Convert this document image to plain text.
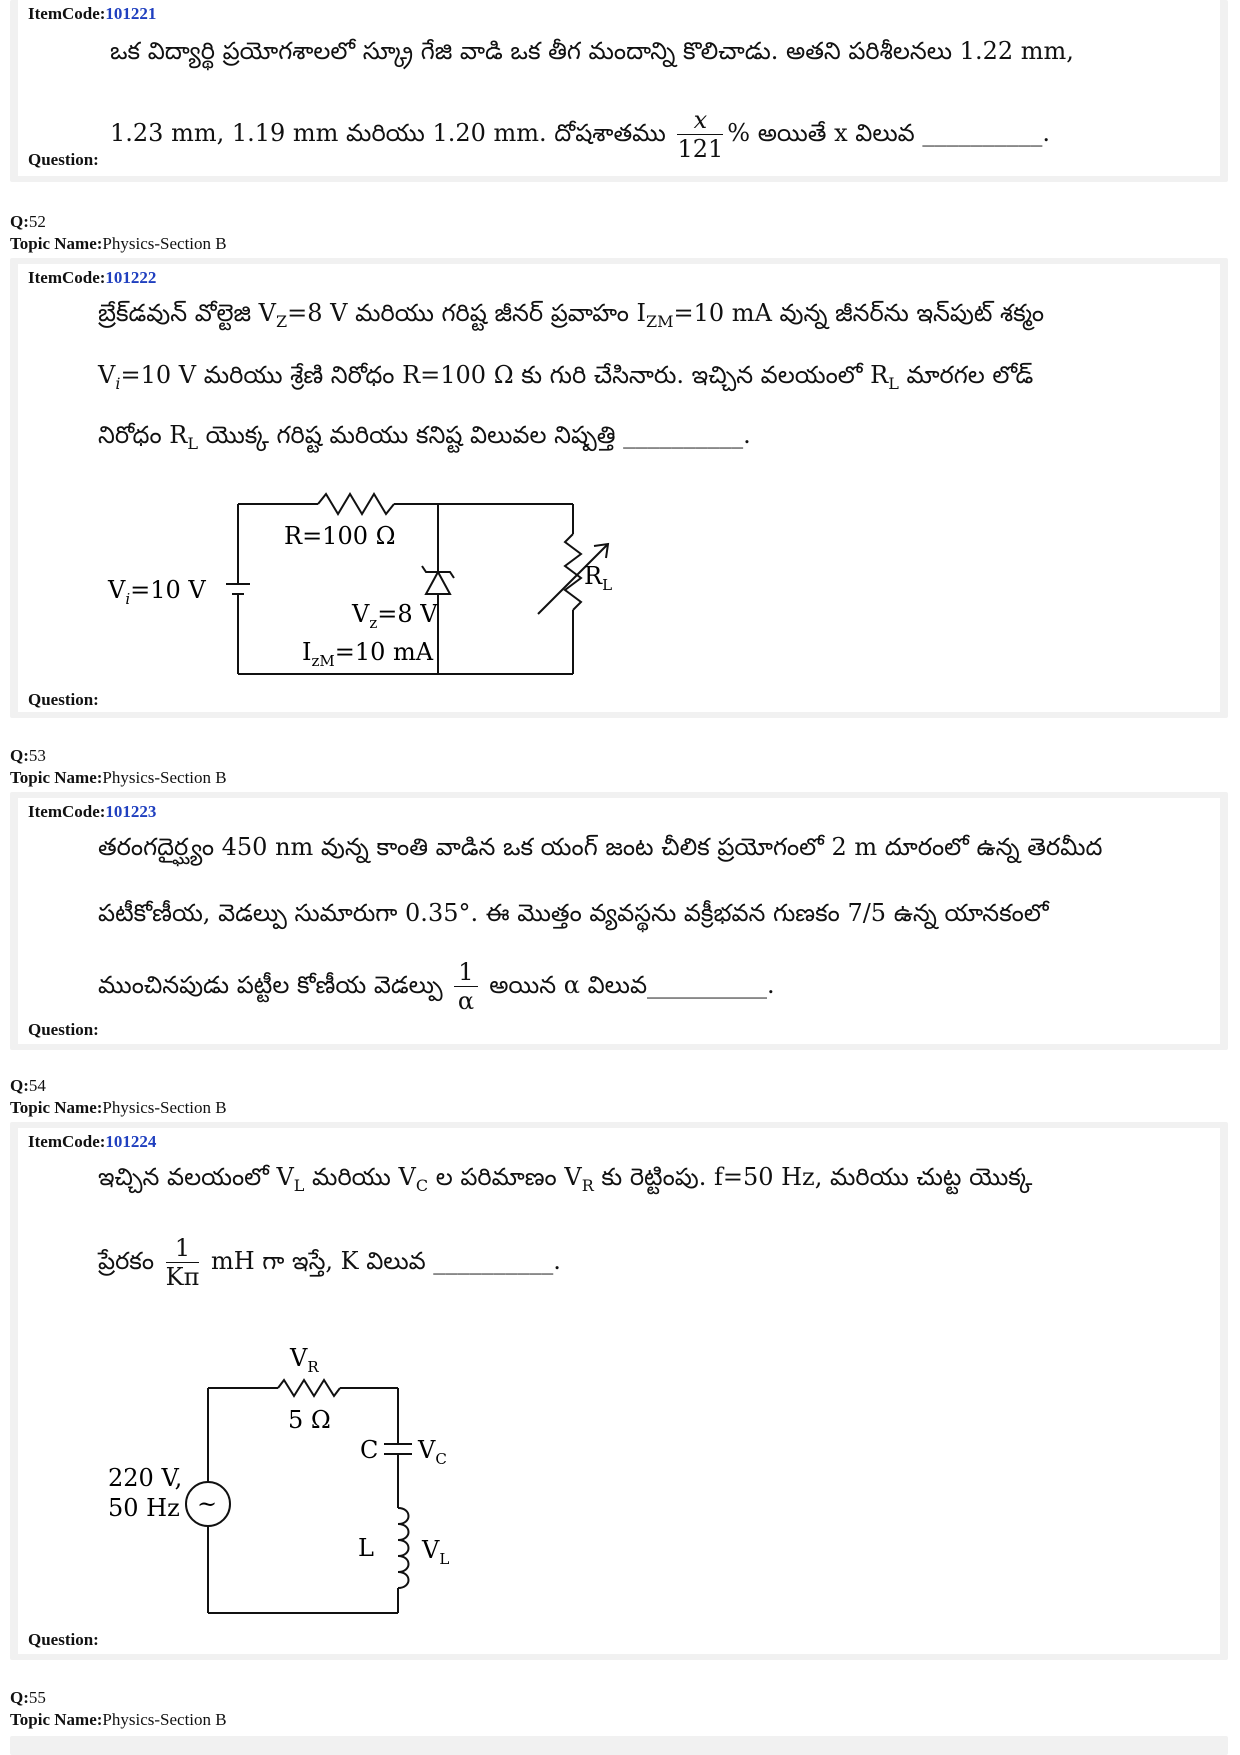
ItemCode:101221
ఒక విద్యార్థి ప్రయోగశాలలో స్క్రూ గేజి వాడి ఒక తీగ మందాన్ని కొలిచాడు. అతని పరిశీలనలు 1.22 mm,
1.23 mm, 1.19 mm మరియు 1.20 mm. దోషశాతము $\frac{x}{121}$ % అయితే x విలువ __________.
Question:
Q:52
Topic Name:Physics-Section B
ItemCode:101222
బ్రేక్‌డవున్ వోల్టెజి $V_Z=8$ V మరియు గరిష్ట జీనర్ ప్రవాహం $I_{ZM}=10$ mA వున్న జీనర్‌ను ఇన్‌పుట్ శక్మం
$V_i=10$ V మరియు శ్రేణి నిరోధం R=100 Ω కు గురి చేసినారు. ఇచ్చిన వలయంలో $R_L$ మారగల లోడ్
నిరోధం $R_L$ యొక్క గరిష్ట మరియు కనిష్ట విలువల నిష్పత్తి __________.
R=100 Ω
$V_i=10$ V
$V_z=8$ V
$I_{zM}=10$ mA
$R_L$
Question:
Q:53
Topic Name:Physics-Section B
ItemCode:101223
తరంగదైర్ఘ్యం 450 nm వున్న కాంతి వాడిన ఒక యంగ్ జంట చీలిక ప్రయోగంలో 2 m దూరంలో ఉన్న తెరమీద
పటీకోణీయ, వెడల్పు సుమారుగా 0.35°. ఈ మొత్తం వ్యవస్థను వక్రీభవన గుణకం 7/5 ఉన్న యానకంలో
ముంచినపుడు పట్టీల కోణీయ వెడల్పు $\frac{1}{\alpha}$ అయిన α విలువ__________.
Question:
Q:54
Topic Name:Physics-Section B
ItemCode:101224
ఇచ్చిన వలయంలో $V_L$ మరియు $V_C$ ల పరిమాణం $V_R$ కు రెట్టింపు. f=50 Hz, మరియు చుట్ట యొక్క
ప్రేరకం $\frac{1}{K\pi}$ mH గా ఇస్తే, K విలువ __________.
~
$V_R$
5 Ω
C $V_C$
L $V_L$
220 V,
50 Hz
Question:
Q:55
Topic Name:Physics-Section B
